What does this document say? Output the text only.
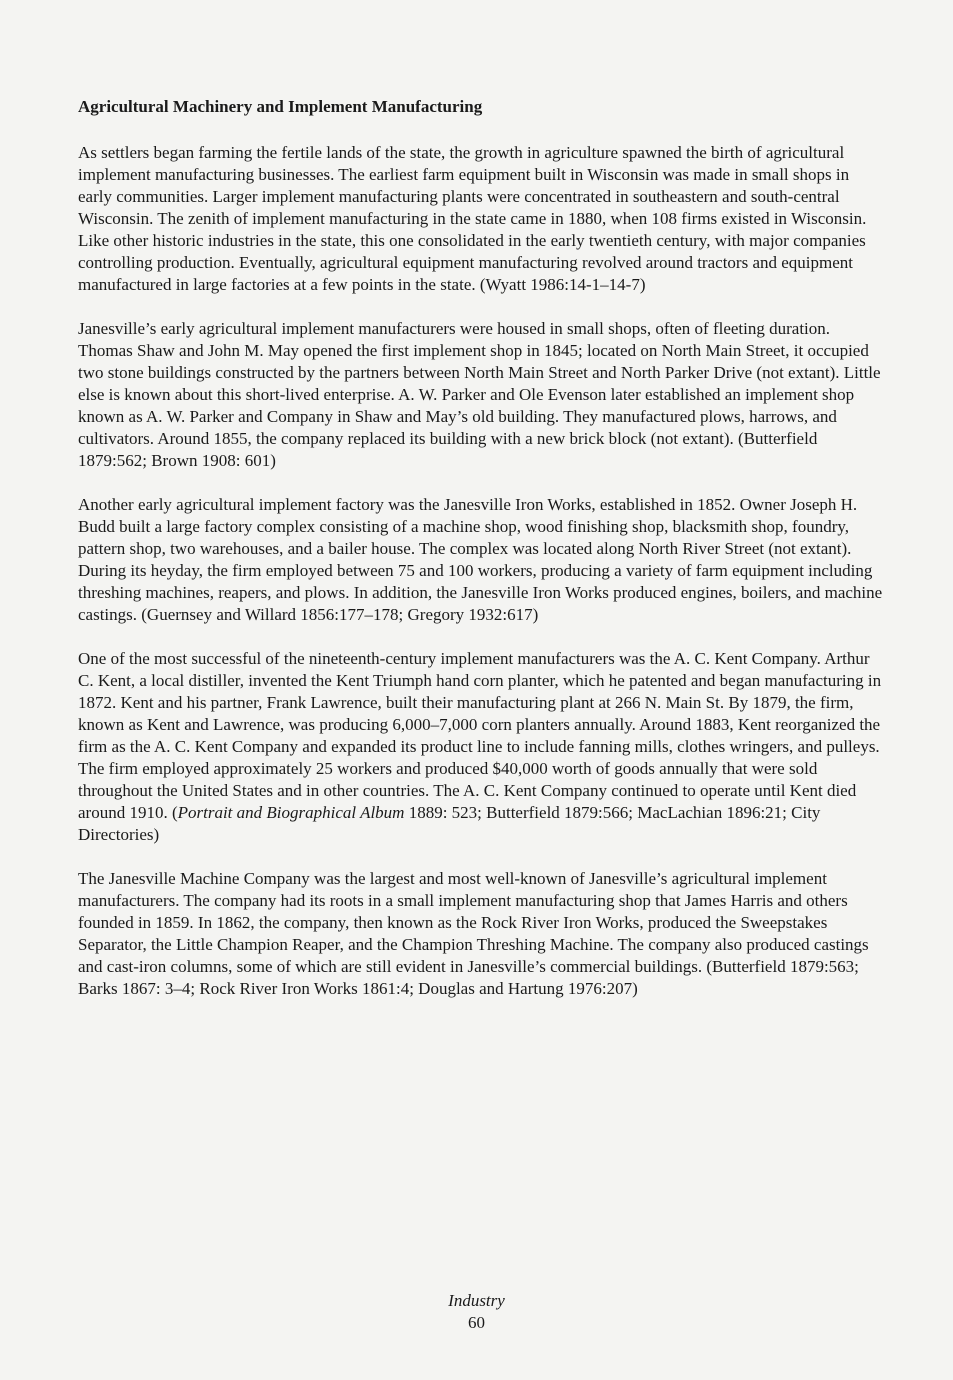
Agricultural Machinery and Implement Manufacturing

As settlers began farming the fertile lands of the state, the growth in agriculture spawned the birth of agricultural implement manufacturing businesses. The earliest farm equipment built in Wisconsin was made in small shops in early communities. Larger implement manufacturing plants were concentrated in southeastern and south-central Wisconsin. The zenith of implement manufacturing in the state came in 1880, when 108 firms existed in Wisconsin. Like other historic industries in the state, this one consolidated in the early twentieth century, with major companies controlling production. Eventually, agricultural equipment manufacturing revolved around tractors and equipment manufactured in large factories at a few points in the state. (Wyatt 1986:14-1–14-7)

Janesville’s early agricultural implement manufacturers were housed in small shops, often of fleeting duration. Thomas Shaw and John M. May opened the first implement shop in 1845; located on North Main Street, it occupied two stone buildings constructed by the partners between North Main Street and North Parker Drive (not extant). Little else is known about this short-lived enterprise. A. W. Parker and Ole Evenson later established an implement shop known as A. W. Parker and Company in Shaw and May’s old building. They manufactured plows, harrows, and cultivators. Around 1855, the company replaced its building with a new brick block (not extant). (Butterfield 1879:562; Brown 1908: 601)

Another early agricultural implement factory was the Janesville Iron Works, established in 1852. Owner Joseph H. Budd built a large factory complex consisting of a machine shop, wood finishing shop, blacksmith shop, foundry, pattern shop, two warehouses, and a bailer house. The complex was located along North River Street (not extant). During its heyday, the firm employed between 75 and 100 workers, producing a variety of farm equipment including threshing machines, reapers, and plows. In addition, the Janesville Iron Works produced engines, boilers, and machine castings. (Guernsey and Willard 1856:177–178; Gregory 1932:617)

One of the most successful of the nineteenth-century implement manufacturers was the A. C. Kent Company. Arthur C. Kent, a local distiller, invented the Kent Triumph hand corn planter, which he patented and began manufacturing in 1872. Kent and his partner, Frank Lawrence, built their manufacturing plant at 266 N. Main St. By 1879, the firm, known as Kent and Lawrence, was producing 6,000–7,000 corn planters annually. Around 1883, Kent reorganized the firm as the A. C. Kent Company and expanded its product line to include fanning mills, clothes wringers, and pulleys. The firm employed approximately 25 workers and produced $40,000 worth of goods annually that were sold throughout the United States and in other countries. The A. C. Kent Company continued to operate until Kent died around 1910. (Portrait and Biographical Album 1889: 523; Butterfield 1879:566; MacLachian 1896:21; City Directories)

The Janesville Machine Company was the largest and most well-known of Janesville’s agricultural implement manufacturers. The company had its roots in a small implement manufacturing shop that James Harris and others founded in 1859. In 1862, the company, then known as the Rock River Iron Works, produced the Sweepstakes Separator, the Little Champion Reaper, and the Champion Threshing Machine. The company also produced castings and cast-iron columns, some of which are still evident in Janesville’s commercial buildings. (Butterfield 1879:563; Barks 1867: 3–4; Rock River Iron Works 1861:4; Douglas and Hartung 1976:207)

Industry
60
